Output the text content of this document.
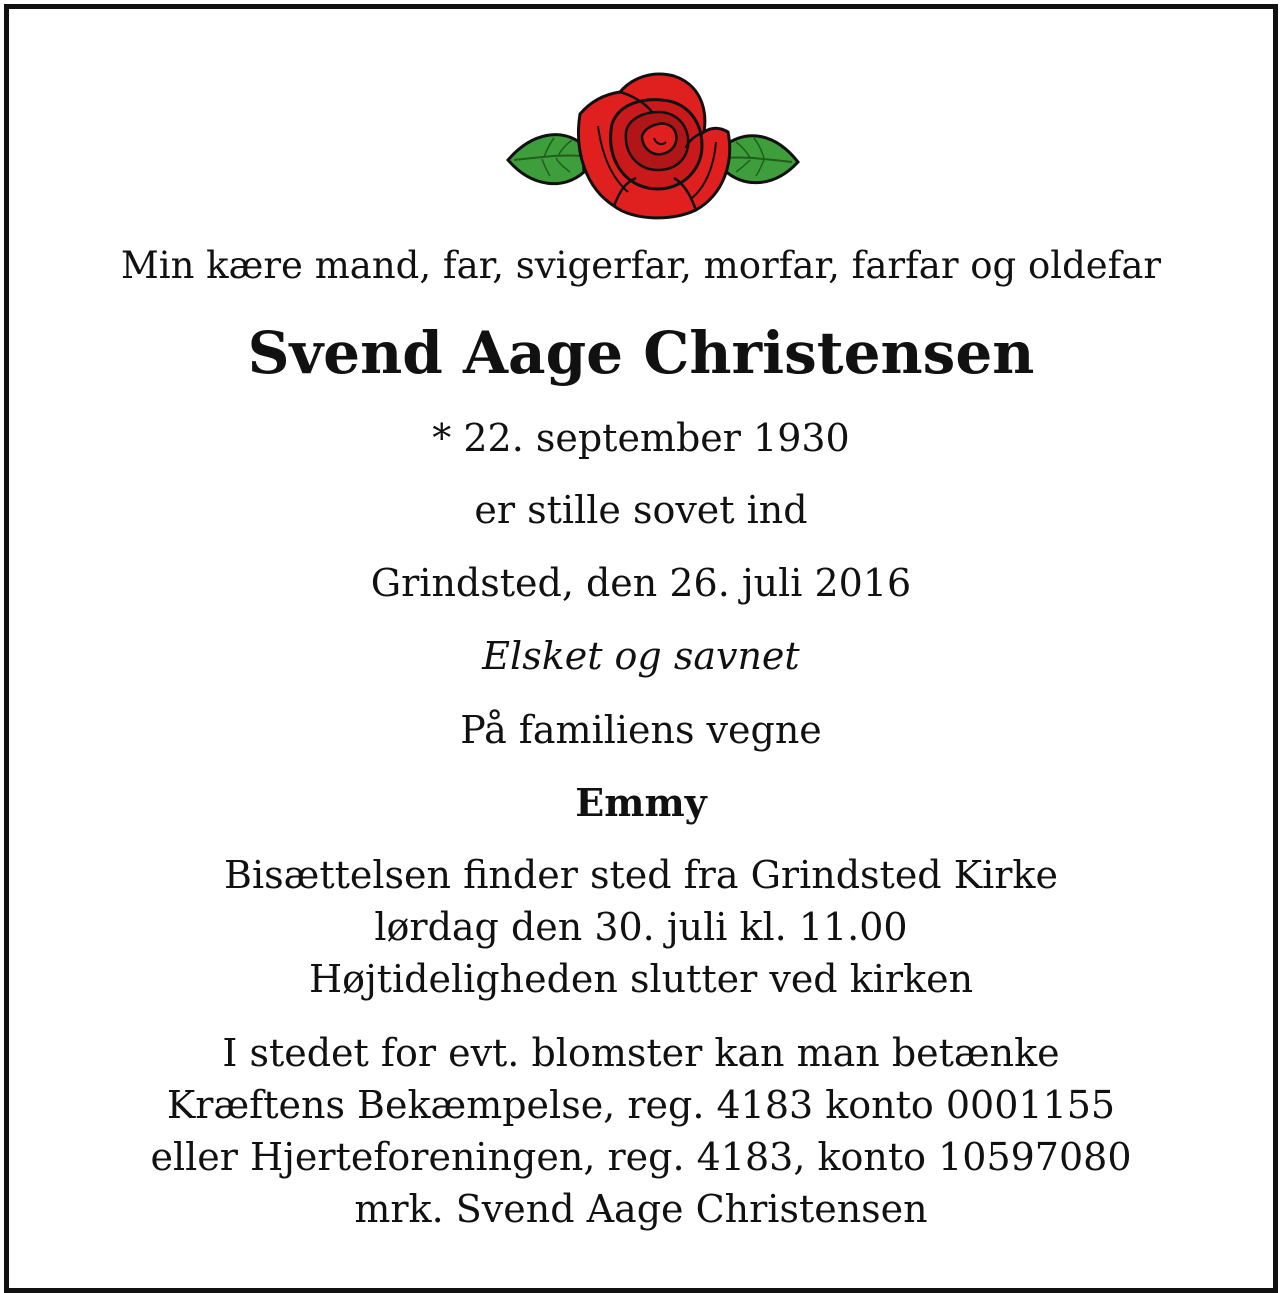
Min kære mand, far, svigerfar, morfar, farfar og oldefar
Svend Aage Christensen
* 22. september 1930
er stille sovet ind
Grindsted, den 26. juli 2016
Elsket og savnet
På familiens vegne
Emmy
Bisættelsen finder sted fra Grindsted Kirke
lørdag den 30. juli kl. 11.00
Højtideligheden slutter ved kirken
I stedet for evt. blomster kan man betænke
Kræftens Bekæmpelse, reg. 4183 konto 0001155
eller Hjerteforeningen, reg. 4183, konto 10597080
mrk. Svend Aage Christensen
